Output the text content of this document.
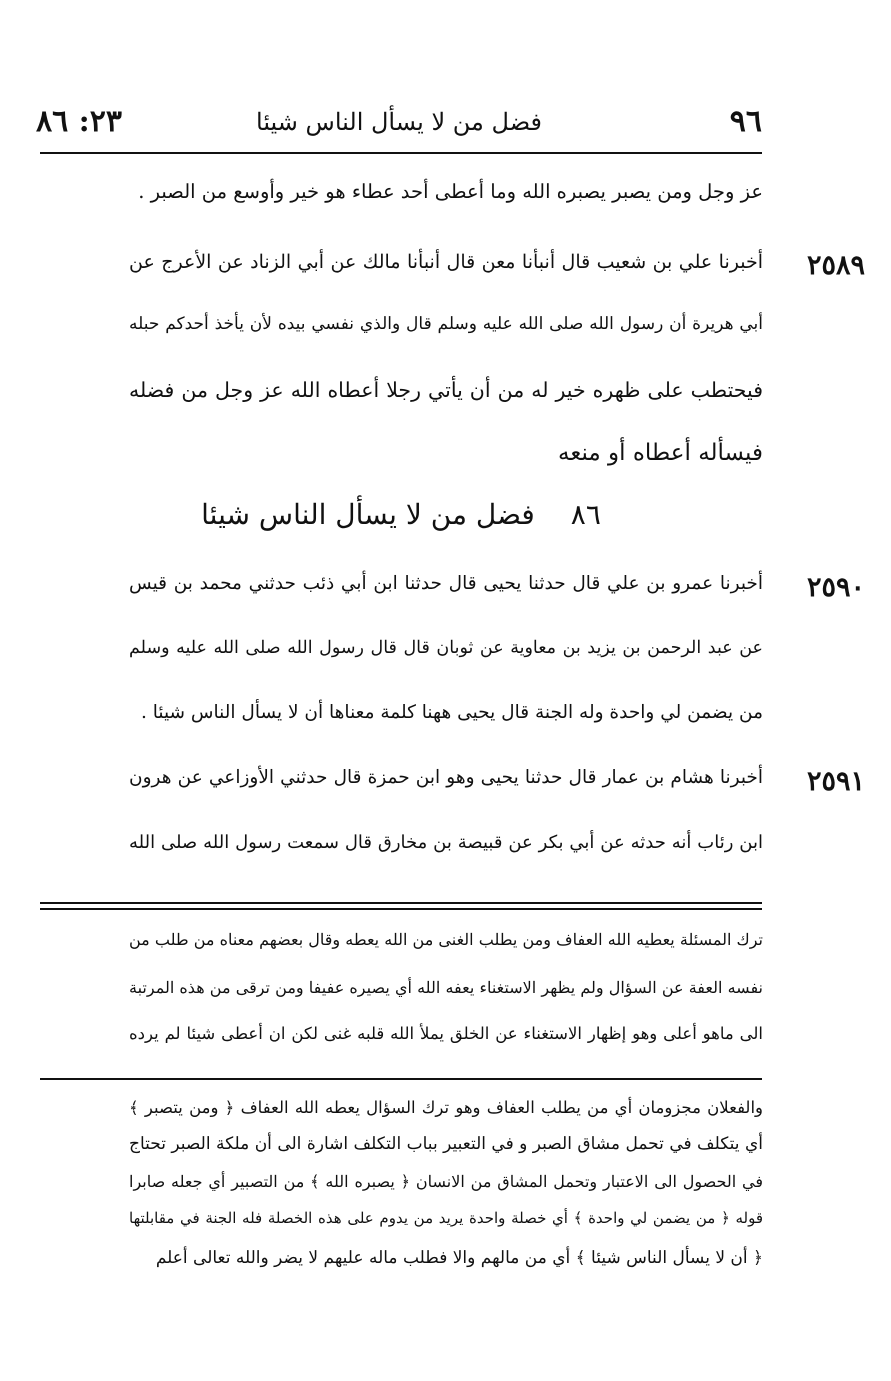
٩٦
فضل من لا يسأل الناس شيئا
٢٣: ٨٦
عز وجل ومن يصبر يصبره الله وما أعطى أحد عطاء هو خير وأوسع من الصبر .
٢٥٨٩
أخبرنا علي بن شعيب قال أنبأنا معن قال أنبأنا مالك عن أبي الزناد عن الأعرج عن
أبي هريرة أن رسول الله صلى الله عليه وسلم قال والذي نفسي بيده لأن يأخذ أحدكم حبله
فيحتطب على ظهره خير له من أن يأتي رجلا أعطاه الله عز وجل من فضله
فيسأله أعطاه أو منعه
٨٦فضل من لا يسأل الناس شيئا
٢٥٩٠
أخبرنا عمرو بن علي قال حدثنا يحيى قال حدثنا ابن أبي ذئب حدثني محمد بن قيس
عن عبد الرحمن بن يزيد بن معاوية عن ثوبان قال قال رسول الله صلى الله عليه وسلم
من يضمن لي واحدة وله الجنة قال يحيى ههنا كلمة معناها أن لا يسأل الناس شيئا .
٢٥٩١
أخبرنا هشام بن عمار قال حدثنا يحيى وهو ابن حمزة قال حدثني الأوزاعي عن هرون
ابن رئاب أنه حدثه عن أبي بكر عن قبيصة بن مخارق قال سمعت رسول الله صلى الله
ترك المسئلة يعطيه الله العفاف ومن يطلب الغنى من الله يعطه وقال بعضهم معناه من طلب من
نفسه العفة عن السؤال ولم يظهر الاستغناء يعفه الله أي يصيره عفيفا ومن ترقى من هذه المرتبة
الى ماهو أعلى وهو إظهار الاستغناء عن الخلق يملأ الله قلبه غنى لكن ان أعطى شيئا لم يرده
والفعلان مجزومان أي من يطلب العفاف وهو ترك السؤال يعطه الله العفاف ﴿ ومن يتصبر ﴾
أي يتكلف في تحمل مشاق الصبر و في التعبير بباب التكلف اشارة الى أن ملكة الصبر تحتاج
في الحصول الى الاعتبار وتحمل المشاق من الانسان ﴿ يصبره الله ﴾ من التصبير أي جعله صابرا
قوله ﴿ من يضمن لي واحدة ﴾ أي خصلة واحدة يريد من يدوم على هذه الخصلة فله الجنة في مقابلتها
﴿ أن لا يسأل الناس شيئا ﴾ أي من مالهم والا فطلب ماله عليهم لا يضر والله تعالى أعلم
